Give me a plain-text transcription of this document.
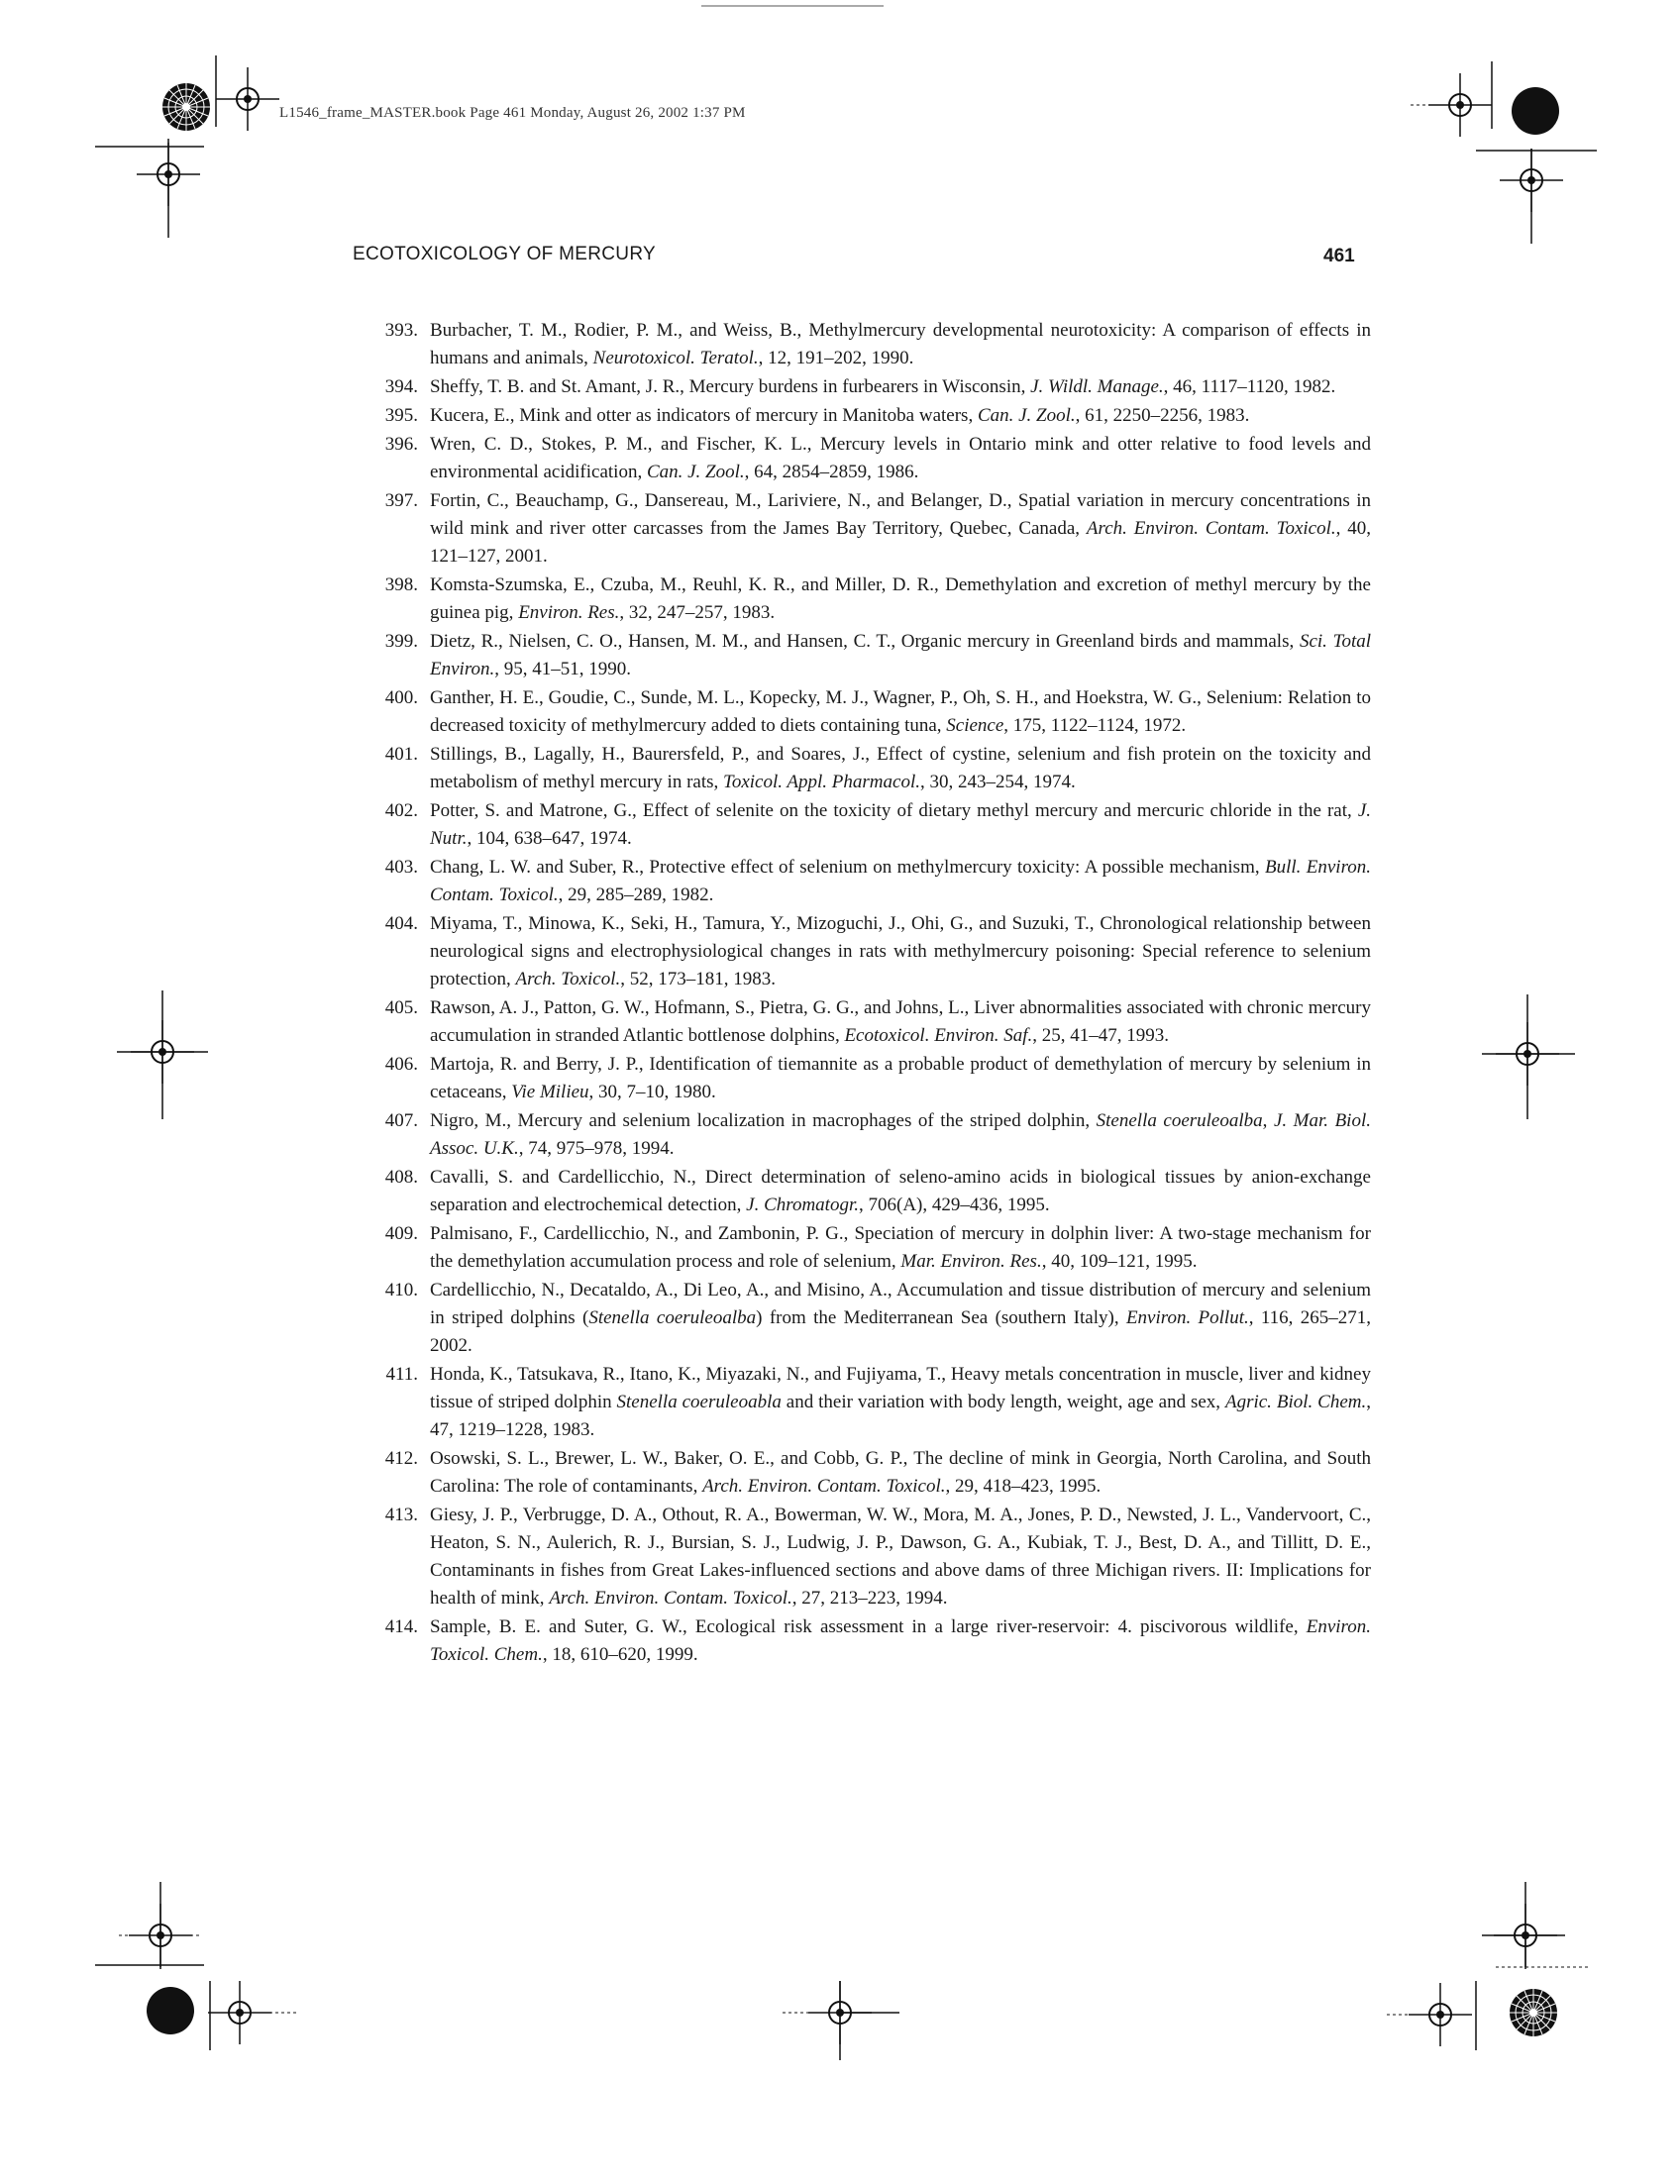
L1546_frame_MASTER.book Page 461 Monday, August 26, 2002 1:37 PM
ECOTOXICOLOGY OF MERCURY	461
393. Burbacher, T. M., Rodier, P. M., and Weiss, B., Methylmercury developmental neurotoxicity: A comparison of effects in humans and animals, Neurotoxicol. Teratol., 12, 191–202, 1990.
394. Sheffy, T. B. and St. Amant, J. R., Mercury burdens in furbearers in Wisconsin, J. Wildl. Manage., 46, 1117–1120, 1982.
395. Kucera, E., Mink and otter as indicators of mercury in Manitoba waters, Can. J. Zool., 61, 2250–2256, 1983.
396. Wren, C. D., Stokes, P. M., and Fischer, K. L., Mercury levels in Ontario mink and otter relative to food levels and environmental acidification, Can. J. Zool., 64, 2854–2859, 1986.
397. Fortin, C., Beauchamp, G., Dansereau, M., Lariviere, N., and Belanger, D., Spatial variation in mercury concentrations in wild mink and river otter carcasses from the James Bay Territory, Quebec, Canada, Arch. Environ. Contam. Toxicol., 40, 121–127, 2001.
398. Komsta-Szumska, E., Czuba, M., Reuhl, K. R., and Miller, D. R., Demethylation and excretion of methyl mercury by the guinea pig, Environ. Res., 32, 247–257, 1983.
399. Dietz, R., Nielsen, C. O., Hansen, M. M., and Hansen, C. T., Organic mercury in Greenland birds and mammals, Sci. Total Environ., 95, 41–51, 1990.
400. Ganther, H. E., Goudie, C., Sunde, M. L., Kopecky, M. J., Wagner, P., Oh, S. H., and Hoekstra, W. G., Selenium: Relation to decreased toxicity of methylmercury added to diets containing tuna, Science, 175, 1122–1124, 1972.
401. Stillings, B., Lagally, H., Baurersfeld, P., and Soares, J., Effect of cystine, selenium and fish protein on the toxicity and metabolism of methyl mercury in rats, Toxicol. Appl. Pharmacol., 30, 243–254, 1974.
402. Potter, S. and Matrone, G., Effect of selenite on the toxicity of dietary methyl mercury and mercuric chloride in the rat, J. Nutr., 104, 638–647, 1974.
403. Chang, L. W. and Suber, R., Protective effect of selenium on methylmercury toxicity: A possible mechanism, Bull. Environ. Contam. Toxicol., 29, 285–289, 1982.
404. Miyama, T., Minowa, K., Seki, H., Tamura, Y., Mizoguchi, J., Ohi, G., and Suzuki, T., Chronological relationship between neurological signs and electrophysiological changes in rats with methylmercury poisoning: Special reference to selenium protection, Arch. Toxicol., 52, 173–181, 1983.
405. Rawson, A. J., Patton, G. W., Hofmann, S., Pietra, G. G., and Johns, L., Liver abnormalities associated with chronic mercury accumulation in stranded Atlantic bottlenose dolphins, Ecotoxicol. Environ. Saf., 25, 41–47, 1993.
406. Martoja, R. and Berry, J. P., Identification of tiemannite as a probable product of demethylation of mercury by selenium in cetaceans, Vie Milieu, 30, 7–10, 1980.
407. Nigro, M., Mercury and selenium localization in macrophages of the striped dolphin, Stenella coeruleoalba, J. Mar. Biol. Assoc. U.K., 74, 975–978, 1994.
408. Cavalli, S. and Cardellicchio, N., Direct determination of seleno-amino acids in biological tissues by anion-exchange separation and electrochemical detection, J. Chromatogr., 706(A), 429–436, 1995.
409. Palmisano, F., Cardellicchio, N., and Zambonin, P. G., Speciation of mercury in dolphin liver: A two-stage mechanism for the demethylation accumulation process and role of selenium, Mar. Environ. Res., 40, 109–121, 1995.
410. Cardellicchio, N., Decataldo, A., Di Leo, A., and Misino, A., Accumulation and tissue distribution of mercury and selenium in striped dolphins (Stenella coeruleoalba) from the Mediterranean Sea (southern Italy), Environ. Pollut., 116, 265–271, 2002.
411. Honda, K., Tatsukava, R., Itano, K., Miyazaki, N., and Fujiyama, T., Heavy metals concentration in muscle, liver and kidney tissue of striped dolphin Stenella coeruleoabla and their variation with body length, weight, age and sex, Agric. Biol. Chem., 47, 1219–1228, 1983.
412. Osowski, S. L., Brewer, L. W., Baker, O. E., and Cobb, G. P., The decline of mink in Georgia, North Carolina, and South Carolina: The role of contaminants, Arch. Environ. Contam. Toxicol., 29, 418–423, 1995.
413. Giesy, J. P., Verbrugge, D. A., Othout, R. A., Bowerman, W. W., Mora, M. A., Jones, P. D., Newsted, J. L., Vandervoort, C., Heaton, S. N., Aulerich, R. J., Bursian, S. J., Ludwig, J. P., Dawson, G. A., Kubiak, T. J., Best, D. A., and Tillitt, D. E., Contaminants in fishes from Great Lakes-influenced sections and above dams of three Michigan rivers. II: Implications for health of mink, Arch. Environ. Contam. Toxicol., 27, 213–223, 1994.
414. Sample, B. E. and Suter, G. W., Ecological risk assessment in a large river-reservoir: 4. piscivorous wildlife, Environ. Toxicol. Chem., 18, 610–620, 1999.
